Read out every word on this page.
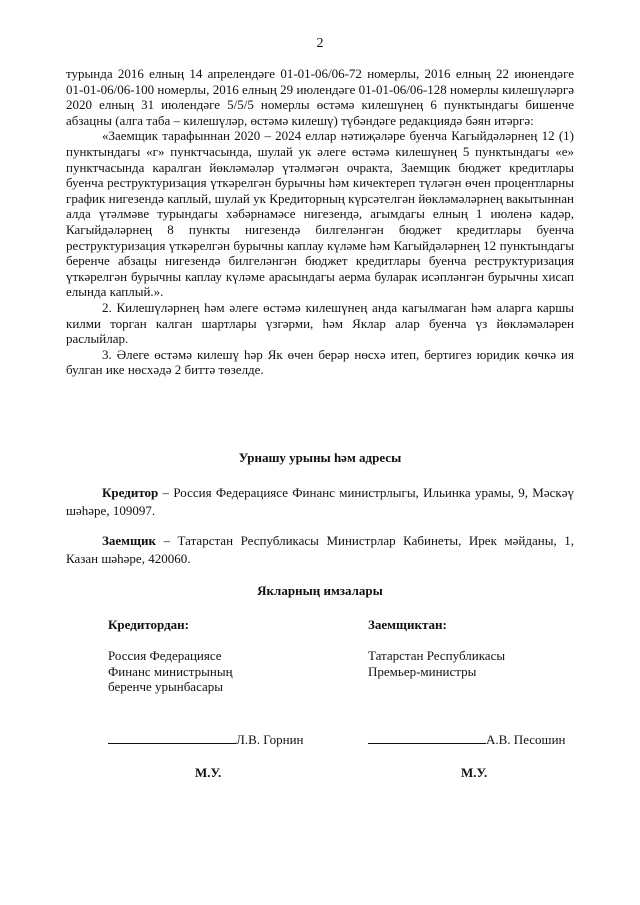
2

турында 2016 елның 14 апрелендәге 01-01-06/06-72 номерлы, 2016 елның 22 июнендәге 01-01-06/06-100 номерлы, 2016 елның 29 июлендәге 01-01-06/06-128 номерлы килешүләргә 2020 елның 31 июлендәге 5/5/5 номерлы өстәмә килешүнең 6 пунктындагы бишенче абзацны (алга таба – килешүләр, өстәмә килешү) түбәндәге редакциядә бәян итәргә:

«Заемщик тарафыннан 2020 – 2024 еллар нәтиҗәләре буенча Кагыйдәләрнең 12 (1) пунктындагы «г» пунктчасында, шулай ук әлеге өстәмә килешүнең 5 пунктындагы «е» пунктчасында каралган йөкләмәләр үтәлмәгән очракта, Заемщик бюджет кредитлары буенча реструктуризация үткәрелгән бурычны һәм кичектереп түләгән өчен процентларны график нигезендә каплый, шулай ук Кредиторның күрсәтелгән йөкләмәләрнең вакытыннан алда үтәлмәве турындагы хәбәрнамәсе нигезендә, агымдагы елның 1 июленә кадәр, Кагыйдәләрнең 8 пункты нигезендә билгеләнгән бюджет кредитлары буенча реструктуризация үткәрелгән бурычны каплау күләме һәм Кагыйдәләрнең 12 пунктындагы беренче абзацы нигезендә билгеләнгән бюджет кредитлары буенча реструктуризация үткәрелгән бурычны каплау күләме арасындагы аерма буларак исәпләнгән бурычны хисап елында каплый.».

2. Килешүләрнең һәм әлеге өстәмә килешүнең анда кагылмаган һәм аларга каршы килми торган калган шартлары үзгәрми, һәм Яклар алар буенча үз йөкләмәләрен раслыйлар.

3. Әлеге өстәмә килешү һәр Як өчен берәр нөсхә итеп, бертигез юридик көчкә ия булган ике нөсхәдә 2 биттә төзелде.

Урнашу урыны һәм адресы

Кредитор – Россия Федерациясе Финанс министрлыгы, Ильинка урамы, 9, Мәскәү шәһәре, 109097.

Заемщик – Татарстан Республикасы Министрлар Кабинеты, Ирек мәйданы, 1, Казан шәһәре, 420060.

Якларның имзалары
Кредитордан:
Россия Федерациясе
Финанс министрының
беренче урынбасары
Л.В. Горнин
М.У.
Заемщиктан:
Татарстан Республикасы
Премьер-министры
А.В. Песошин
М.У.
